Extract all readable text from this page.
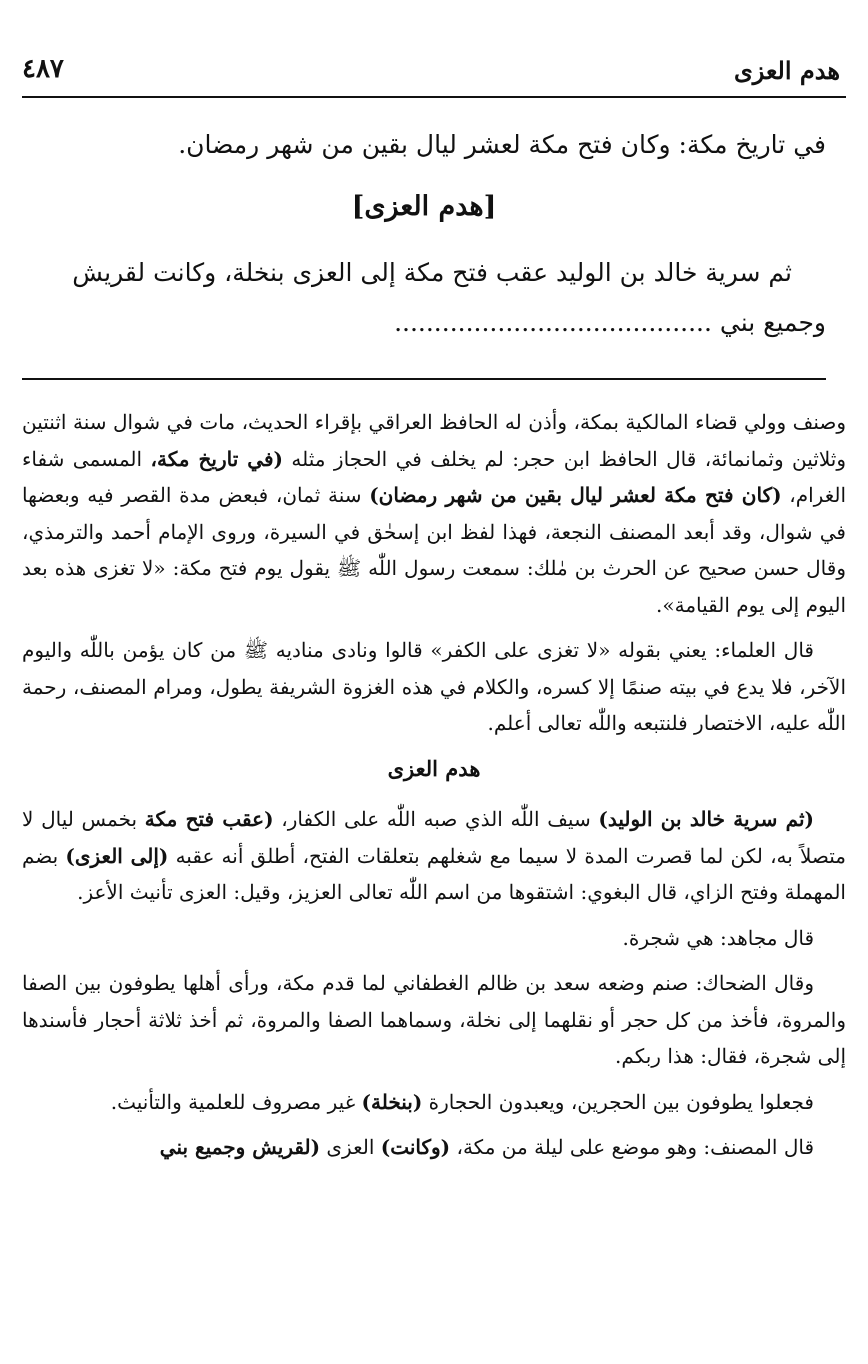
٤٨٧	هدم العزى

في تاريخ مكة: وكان فتح مكة لعشر ليال بقين من شهر رمضان.

[هدم العزى]

ثم سرية خالد بن الوليد عقب فتح مكة إلى العزى بنخلة، وكانت لقريش

وجميع بني ........................................

وصنف وولي قضاء المالكية بمكة، وأذن له الحافظ العراقي بإقراء الحديث، مات في شوال سنة اثنتين وثلاثين وثمانمائة، قال الحافظ ابن حجر: لم يخلف في الحجاز مثله (في تاريخ مكة، المسمى شفاء الغرام، (كان فتح مكة لعشر ليال بقين من شهر رمضان) سنة ثمان، فبعض مدة القصر فيه وبعضها في شوال، وقد أبعد المصنف النجعة، فهذا لفظ ابن إسحٰق في السيرة، وروى الإمام أحمد والترمذي، وقال حسن صحيح عن الحرث بن مٰلك: سمعت رسول اللّٰه ﷺ يقول يوم فتح مكة: «لا تغزى هذه بعد اليوم إلى يوم القيامة».

قال العلماء: يعني بقوله «لا تغزى على الكفر» قالوا ونادى مناديه ﷺ من كان يؤمن باللّٰه واليوم الآخر، فلا يدع في بيته صنمًا إلا كسره، والكلام في هذه الغزوة الشريفة يطول، ومرام المصنف، رحمة اللّٰه عليه، الاختصار فلنتبعه واللّٰه تعالى أعلم.

هدم العزى

(ثم سرية خالد بن الوليد) سيف اللّٰه الذي صبه اللّٰه على الكفار، (عقب فتح مكة بخمس ليال لا متصلاً به، لكن لما قصرت المدة لا سيما مع شغلهم بتعلقات الفتح، أطلق أنه عقبه (إلى العزى) بضم المهملة وفتح الزاي، قال البغوي: اشتقوها من اسم اللّٰه تعالى العزيز، وقيل: العزى تأنيث الأعز.

قال مجاهد: هي شجرة.

وقال الضحاك: صنم وضعه سعد بن ظالم الغطفاني لما قدم مكة، ورأى أهلها يطوفون بين الصفا والمروة، فأخذ من كل حجر أو نقلهما إلى نخلة، وسماهما الصفا والمروة، ثم أخذ ثلاثة أحجار فأسندها إلى شجرة، فقال: هذا ربكم.

فجعلوا يطوفون بين الحجرين، ويعبدون الحجارة (بنخلة) غير مصروف للعلمية والتأنيث.

قال المصنف: وهو موضع على ليلة من مكة، (وكانت) العزى (لقريش وجميع بني
